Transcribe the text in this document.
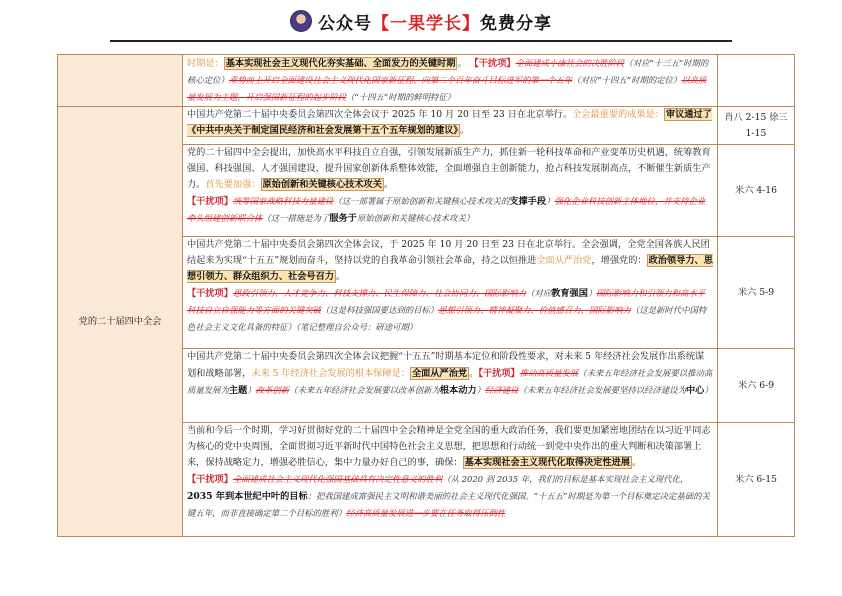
公众号【一果学长】免费分享

	时期是： 基本实现社会主义现代化夯实基础、全面发力的关键时期 。 【干扰项】全面建成小康社会的决胜阶段（对应“十三五”时期的核心定位）乘势而上开启全面建设社会主义现代化国家新征程、向第二个百年奋斗目标进军的第一个五年（对应“十四五”时期的定位）以高质量发展为主题，开启强国新征程的起步阶段（“十四五”时期的鲜明特征）	

党的二十届四中全会	中国共产党第二十届中央委员会第四次全体会议于 2025 年 10 月 20 日至 23 日在北京举行。全会最重要的成果是： 审议通过了《中共中央关于制定国民经济和社会发展第十五个五年规划的建议》 。	肖八 2-15 徐三 1-15

	党的二十届四中全会提出，加快高水平科技自立自强，引领发展新质生产力，抓住新一轮科技革命和产业变革历史机遇，统筹教育强国、科技强国、人才强国建设，提升国家创新体系整体效能，全面增强自主创新能力，抢占科技发展制高点，不断催生新质生产力。首先要加强： 原始创新和关键核心技术攻关 。
【干扰项】统筹国家战略科技力量建设（这一部署属于原始创新和关键核心技术攻关的支撑手段）强化企业科技创新主体地位，并支持企业牵头组建创新联合体（这一措施是为了服务于原始创新和关键核心技术攻关）	米六 4-16

	中国共产党第二十届中央委员会第四次全体会议，于 2025 年 10 月 20 日至 23 日在北京举行。全会强调，全党全国各族人民团结起来为实现“十五五”规划而奋斗，坚持以党的自我革命引领社会革命，持之以恒推进全面从严治党，增强党的： 政治领导力、思想引领力、群众组织力、社会号召力 。
【干扰项】思政引领力、人才竞争力、科技支撑力、民生保障力、社会协同力、国际影响力（对应教育强国）国际影响力和引领力和高水平科技自立自强能力等方面的关键突破（这是科技强国要达到的目标）思想引领力、精神凝聚力、价值感召力、国际影响力（这是新时代中国特色社会主义文化具备的特征）（笔记整理自公众号：研途可期）	米六 5-9

	中国共产党第二十届中央委员会第四次全体会议把握“十五五”时期基本定位和阶段性要求，对未来 5 年经济社会发展作出系统谋划和战略部署，未来 5 年经济社会发展的根本保障是： 全面从严治党 。【干扰项】推动高质量发展（未来五年经济社会发展要以推动高质量发展为主题）改革创新（未来五年经济社会发展要以改革创新为根本动力）经济建设（未来五年经济社会发展要坚持以经济建设为中心）	米六 6-9

	当前和今后一个时期，学习好贯彻好党的二十届四中全会精神是全党全国的重大政治任务，我们要更加紧密地团结在以习近平同志为核心的党中央周围，全面贯彻习近平新时代中国特色社会主义思想，把思想和行动统一到党中央作出的重大判断和决策部署上来，保持战略定力，增强必胜信心，集中力量办好自己的事，确保： 基本实现社会主义现代化取得决定性进展 。
【干扰项】全面建成社会主义现代化强国基础具有决定性意义的胜利（从 2020 到 2035 年，我们的目标是基本实现社会主义现代化，2035 年到本世纪中叶的目标：把我国建成富强民主文明和谐美丽的社会主义现代化强国。“十五五”时期是为第一个目标奠定决定基础的关键五年，而非直接确定第二个目标的胜利）经济高质量发展进一步要在任务取得压倒性	米六 6-15
